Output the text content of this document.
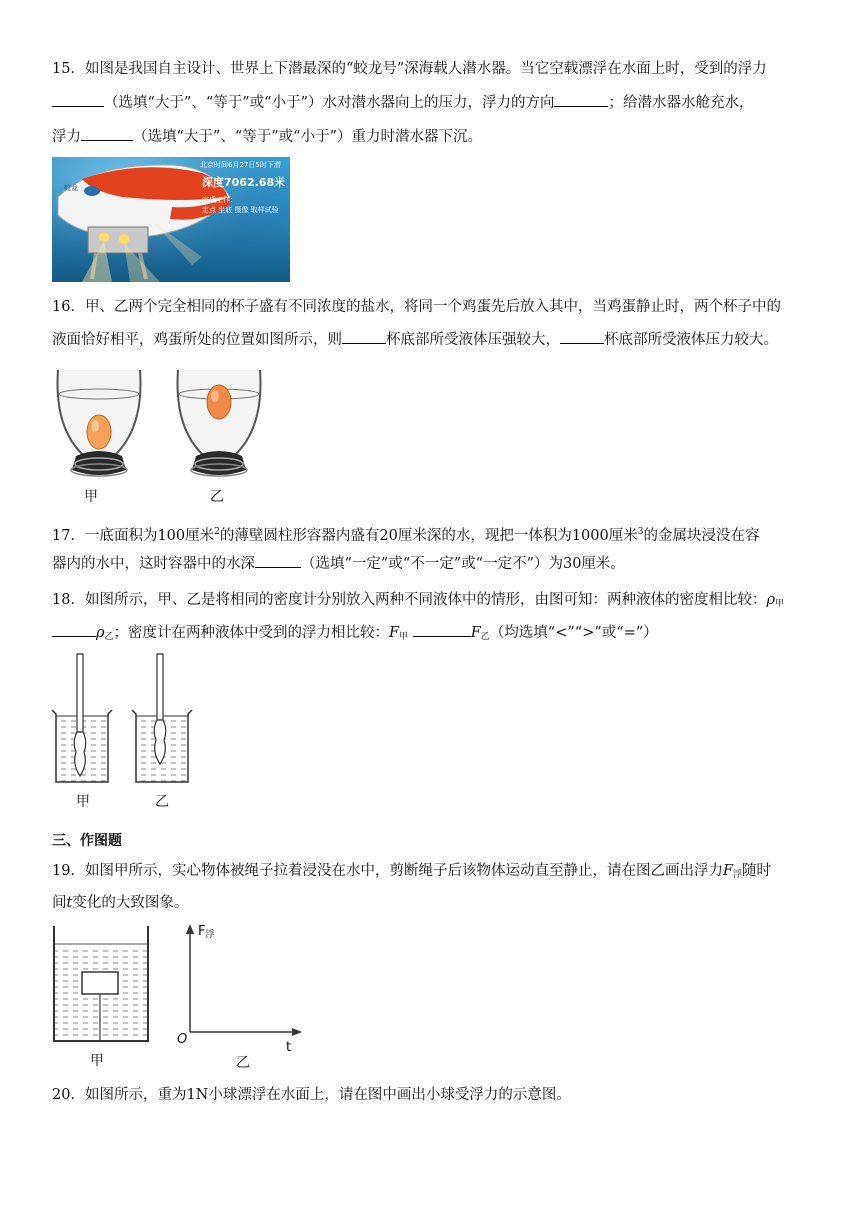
15．如图是我国自主设计、世界上下潜最深的“蛟龙号”深海载人潜水器。当它空载漂浮在水面上时，受到的浮力

（选填“大于”、“等于”或“小于”）水对潜水器向上的压力，浮力的方向	；给潜水器水舱充水，

浮力	（选填“大于”、“等于”或“小于”）重力时潜水器下沉。

蛟龙
北京时间6月27日5时下潜
深度7062.68米
完成工作：
定点 坐底 摄像 取样试验

16．甲、乙两个完全相同的杯子盛有不同浓度的盐水，将同一个鸡蛋先后放入其中，当鸡蛋静止时，两个杯子中的

液面恰好相平，鸡蛋所处的位置如图所示，则	杯底部所受液体压强较大，	杯底部所受液体压力较大。

甲	乙

17．一底面积为100厘米$^2$的薄壁圆柱形容器内盛有20厘米深的水，现把一体积为1000厘米$^3$的金属块浸没在容

器内的水中，这时容器中的水深	（选填“一定”或“不一定”或“一定不”）为30厘米。

18．如图所示，甲、乙是将相同的密度计分别放入两种不同液体中的情形，由图可知：两种液体的密度相比较：$\rho_甲$

$\rho_乙$；密度计在两种液体中受到的浮力相比较：$F_甲$	$F_乙$（均选填“<”“>”或“=”）

甲	乙

三、作图题

19．如图甲所示，实心物体被绳子拉着浸没在水中，剪断绳子后该物体运动直至静止，请在图乙画出浮力$F_浮$随时

间t变化的大致图象。

甲
$F_浮$
O
t
乙

20．如图所示，重为1N小球漂浮在水面上，请在图中画出小球受浮力的示意图。
